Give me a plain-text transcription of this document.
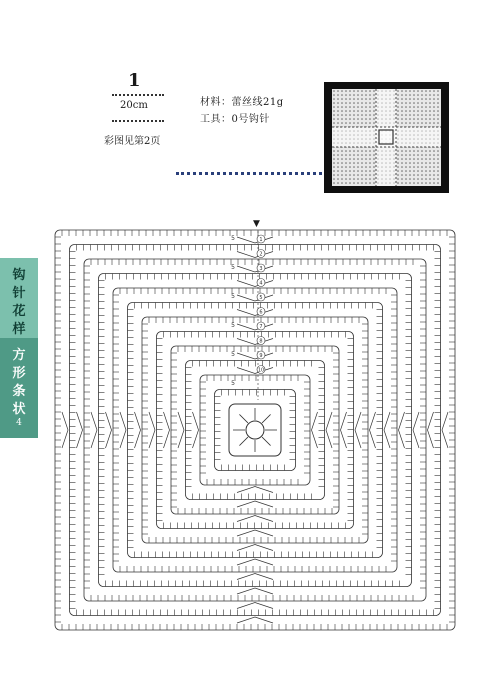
1
20cm
彩图见第2页
材料：蕾丝线21g
工具：0号钩针
钩
针
花
样
方
形
条
状
4
▼
1
2
3
4
5
6
7
8
9
10
5
5
5
5
5
5
